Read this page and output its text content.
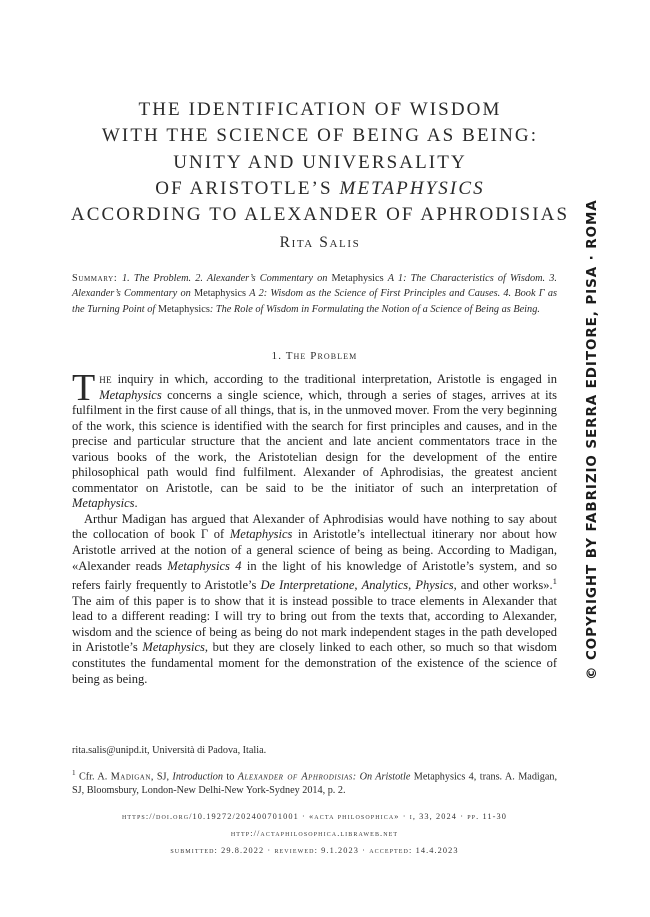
THE IDENTIFICATION OF WISDOM
WITH THE SCIENCE OF BEING AS BEING:
UNITY AND UNIVERSALITY
OF ARISTOTLE’S METAPHYSICS
ACCORDING TO ALEXANDER OF APHRODISIAS
Rita Salis
Summary: 1. The Problem. 2. Alexander’s Commentary on Metaphysics A 1: The Characteristics of Wisdom. 3. Alexander’s Commentary on Metaphysics A 2: Wisdom as the Science of First Principles and Causes. 4. Book Γ as the Turning Point of Metaphysics: The Role of Wisdom in Formulating the Notion of a Science of Being as Being.
1. The Problem

The inquiry in which, according to the traditional interpretation, Aristotle is engaged in Metaphysics concerns a single science, which, through a series of stages, arrives at its fulfilment in the first cause of all things, that is, in the unmoved mover. From the very beginning of the work, this science is identified with the search for first principles and causes, and in the precise and particular structure that the ancient and late ancient commentators trace in the various books of the work, the Aristotelian design for the development of the entire philosophical path would find fulfilment. Alexander of Aphrodisias, the greatest ancient commentator on Aristotle, can be said to be the initiator of such an interpretation of Metaphysics.

Arthur Madigan has argued that Alexander of Aphrodisias would have nothing to say about the collocation of book Γ of Metaphysics in Aristotle’s intellectual itinerary nor about how Aristotle arrived at the notion of a general science of being as being. According to Madigan, «Alexander reads Metaphysics 4 in the light of his knowledge of Aristotle’s system, and so refers fairly frequently to Aristotle’s De Interpretatione, Analytics, Physics, and other works».$^1$ The aim of this paper is to show that it is instead possible to trace elements in Alexander that lead to a different reading: I will try to bring out from the texts that, according to Alexander, wisdom and the science of being as being do not mark independent stages in the path developed in Aristotle’s Metaphysics, but they are closely linked to each other, so much so that wisdom constitutes the fundamental moment for the demonstration of the existence of the science of being as being.

rita.salis@unipd.it, Università di Padova, Italia.
$^1$ Cfr. A. Madigan, SJ, Introduction to Alexander of Aphrodisias: On Aristotle Metaphysics 4, trans. A. Madigan, SJ, Bloomsbury, London-New Delhi-New York-Sydney 2014, p. 2.
https://doi.org/10.19272/202400701001 · «acta philosophica» · i, 33, 2024 · pp. 11-30
http://actaphilosophica.libraweb.net
submitted: 29.8.2022 · reviewed: 9.1.2023 · accepted: 14.4.2023
© COPYRIGHT BY FABRIZIO SERRA EDITORE, PISA · ROMA
